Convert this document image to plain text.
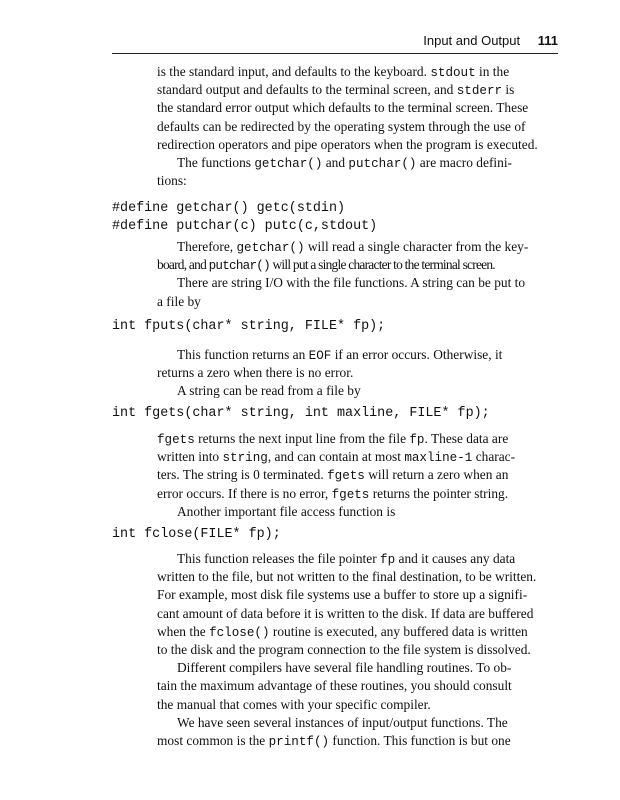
Input and Output 111
is the standard input, and defaults to the keyboard. stdout in the
standard output and defaults to the terminal screen, and stderr is
the standard error output which defaults to the terminal screen. These
defaults can be redirected by the operating system through the use of
redirection operators and pipe operators when the program is executed.
The functions getchar() and putchar() are macro defini-
tions:
#define getchar() getc(stdin)
#define putchar(c) putc(c,stdout)
Therefore, getchar() will read a single character from the key-
board, and putchar() will put a single character to the terminal screen.
There are string I/O with the file functions. A string can be put to
a file by
int fputs(char* string, FILE* fp);
This function returns an EOF if an error occurs. Otherwise, it
returns a zero when there is no error.
A string can be read from a file by
int fgets(char* string, int maxline, FILE* fp);
fgets returns the next input line from the file fp. These data are
written into string, and can contain at most maxline-1 charac-
ters. The string is 0 terminated. fgets will return a zero when an
error occurs. If there is no error, fgets returns the pointer string.
Another important file access function is
int fclose(FILE* fp);
This function releases the file pointer fp and it causes any data
written to the file, but not written to the final destination, to be written.
For example, most disk file systems use a buffer to store up a signifi-
cant amount of data before it is written to the disk. If data are buffered
when the fclose() routine is executed, any buffered data is written
to the disk and the program connection to the file system is dissolved.
Different compilers have several file handling routines. To ob-
tain the maximum advantage of these routines, you should consult
the manual that comes with your specific compiler.
We have seen several instances of input/output functions. The
most common is the printf() function. This function is but one
